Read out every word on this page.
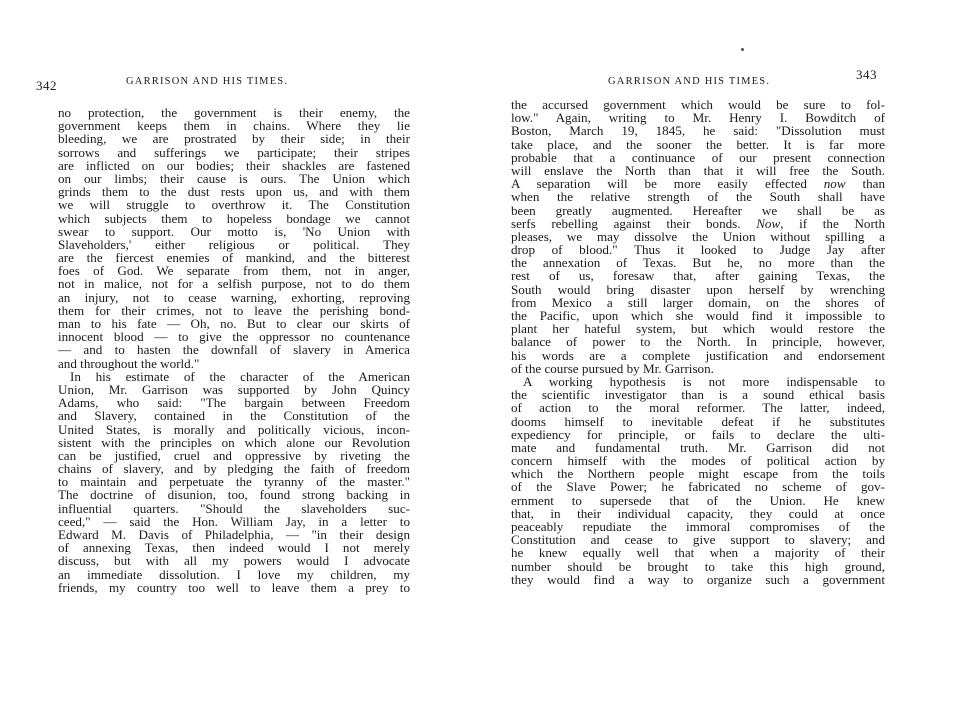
342	GARRISON AND HIS TIMES.
no protection, the government is their enemy, the
government keeps them in chains. Where they lie
bleeding, we are prostrated by their side; in their
sorrows and sufferings we participate; their stripes
are inflicted on our bodies; their shackles are fastened
on our limbs; their cause is ours. The Union which
grinds them to the dust rests upon us, and with them
we will struggle to overthrow it. The Constitution
which subjects them to hopeless bondage we cannot
swear to support. Our motto is, 'No Union with
Slaveholders,' either religious or political. They
are the fiercest enemies of mankind, and the bitterest
foes of God. We separate from them, not in anger,
not in malice, not for a selfish purpose, not to do them
an injury, not to cease warning, exhorting, reproving
them for their crimes, not to leave the perishing bond-
man to his fate — Oh, no. But to clear our skirts of
innocent blood — to give the oppressor no countenance
— and to hasten the downfall of slavery in America
and throughout the world."
In his estimate of the character of the American
Union, Mr. Garrison was supported by John Quincy
Adams, who said: "The bargain between Freedom
and Slavery, contained in the Constitution of the
United States, is morally and politically vicious, incon-
sistent with the principles on which alone our Revolution
can be justified, cruel and oppressive by riveting the
chains of slavery, and by pledging the faith of freedom
to maintain and perpetuate the tyranny of the master."
The doctrine of disunion, too, found strong backing in
influential quarters. "Should the slaveholders suc-
ceed," — said the Hon. William Jay, in a letter to
Edward M. Davis of Philadelphia, — "in their design
of annexing Texas, then indeed would I not merely
discuss, but with all my powers would I advocate
an immediate dissolution. I love my children, my
friends, my country too well to leave them a prey to
GARRISON AND HIS TIMES.	343
the accursed government which would be sure to fol-
low." Again, writing to Mr. Henry I. Bowditch of
Boston, March 19, 1845, he said: "Dissolution must
take place, and the sooner the better. It is far more
probable that a continuance of our present connection
will enslave the North than that it will free the South.
A separation will be more easily effected now than
when the relative strength of the South shall have
been greatly augmented. Hereafter we shall be as
serfs rebelling against their bonds. Now, if the North
pleases, we may dissolve the Union without spilling a
drop of blood." Thus it looked to Judge Jay after
the annexation of Texas. But he, no more than the
rest of us, foresaw that, after gaining Texas, the
South would bring disaster upon herself by wrenching
from Mexico a still larger domain, on the shores of
the Pacific, upon which she would find it impossible to
plant her hateful system, but which would restore the
balance of power to the North. In principle, however,
his words are a complete justification and endorsement
of the course pursued by Mr. Garrison.
A working hypothesis is not more indispensable to
the scientific investigator than is a sound ethical basis
of action to the moral reformer. The latter, indeed,
dooms himself to inevitable defeat if he substitutes
expediency for principle, or fails to declare the ulti-
mate and fundamental truth. Mr. Garrison did not
concern himself with the modes of political action by
which the Northern people might escape from the toils
of the Slave Power; he fabricated no scheme of gov-
ernment to supersede that of the Union. He knew
that, in their individual capacity, they could at once
peaceably repudiate the immoral compromises of the
Constitution and cease to give support to slavery; and
he knew equally well that when a majority of their
number should be brought to take this high ground,
they would find a way to organize such a government
